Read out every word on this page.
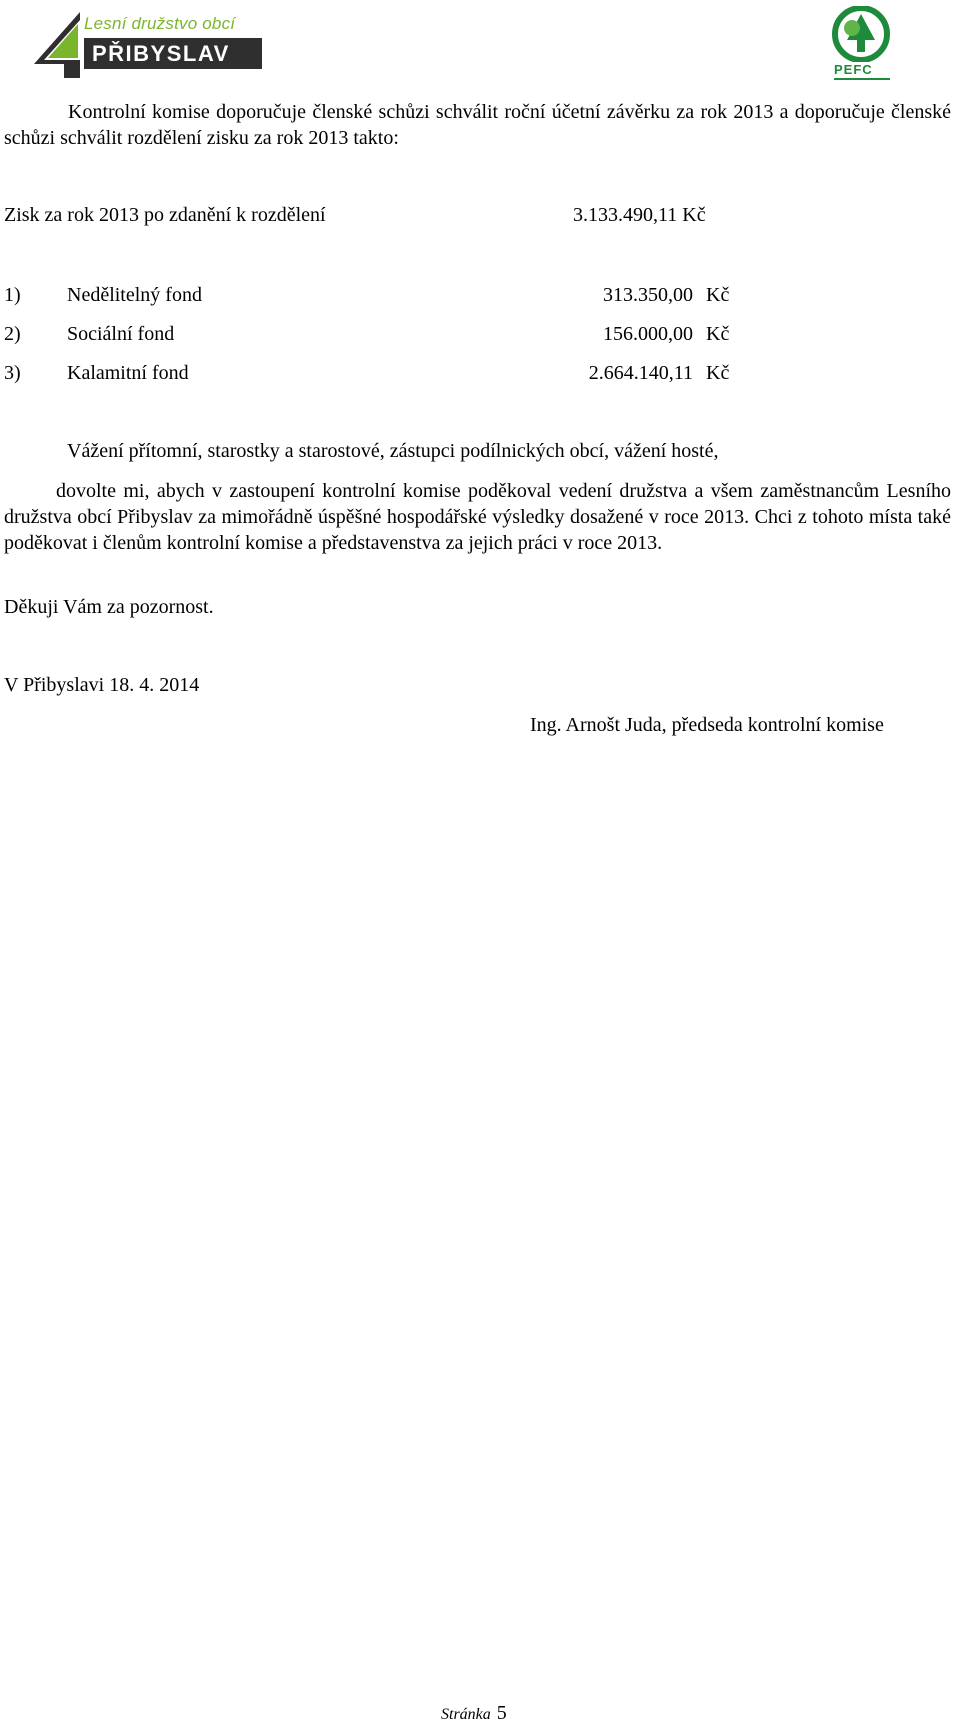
Lesní družstvo obcí
PŘIBYSLAV
PEFC
Kontrolní komise doporučuje členské schůzi schválit roční účetní závěrku za rok 2013 a doporučuje členské schůzi schválit rozdělení zisku za rok 2013 takto:
Zisk za rok 2013 po zdanění k rozdělení	3.133.490,11 Kč
1) Nedělitelný fond	313.350,00 Kč
2) Sociální fond	156.000,00 Kč
3) Kalamitní fond	2.664.140,11 Kč
Vážení přítomní, starostky a starostové, zástupci podílnických obcí, vážení hosté,
dovolte mi, abych v zastoupení kontrolní komise poděkoval vedení družstva a všem zaměstnancům Lesního družstva obcí Přibyslav za mimořádně úspěšné hospodářské výsledky dosažené v roce 2013. Chci z tohoto místa také poděkovat i členům kontrolní komise a představenstva za jejich práci v roce 2013.
Děkuji Vám za pozornost.
V Přibyslavi 18. 4. 2014
Ing. Arnošt Juda, předseda kontrolní komise
Stránka 5
